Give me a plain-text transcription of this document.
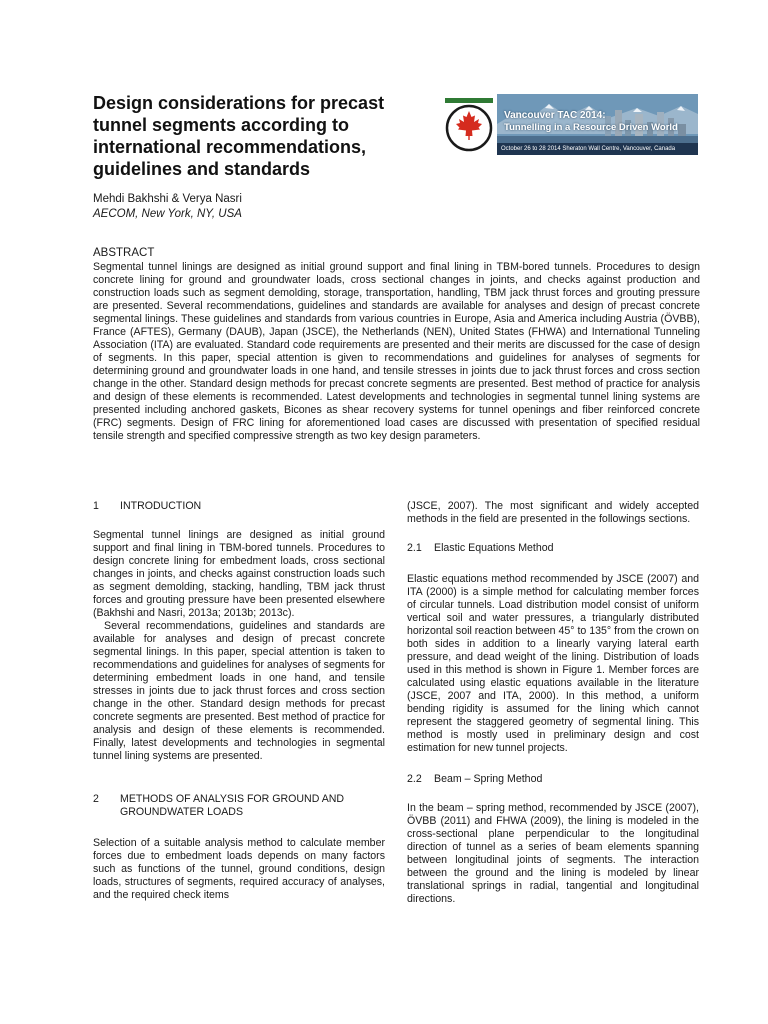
Design considerations for precast tunnel segments according to international recommendations, guidelines and standards
Vancouver TAC 2014:
Tunnelling in a Resource Driven World
October 26 to 28 2014 Sheraton Wall Centre, Vancouver, Canada
Mehdi Bakhshi & Verya Nasri
AECOM, New York, NY, USA
ABSTRACT

Segmental tunnel linings are designed as initial ground support and final lining in TBM-bored tunnels. Procedures to design concrete lining for ground and groundwater loads, cross sectional changes in joints, and checks against production and construction loads such as segment demolding, storage, transportation, handling, TBM jack thrust forces and grouting pressure are presented. Several recommendations, guidelines and standards are available for analyses and design of precast concrete segmental linings. These guidelines and standards from various countries in Europe, Asia and America including Austria (ÖVBB), France (AFTES), Germany (DAUB), Japan (JSCE), the Netherlands (NEN), United States (FHWA) and International Tunneling Association (ITA) are evaluated. Standard code requirements are presented and their merits are discussed for the case of design of segments. In this paper, special attention is given to recommendations and guidelines for analyses of segments for determining ground and groundwater loads in one hand, and tensile stresses in joints due to jack thrust forces and cross section change in the other. Standard design methods for precast concrete segments are presented. Best method of practice for analysis and design of these elements is recommended. Latest developments and technologies in segmental tunnel lining systems are presented including anchored gaskets, Bicones as shear recovery systems for tunnel openings and fiber reinforced concrete (FRC) segments. Design of FRC lining for aforementioned load cases are discussed with presentation of specified residual tensile strength and specified compressive strength as two key design parameters.

1	INTRODUCTION

Segmental tunnel linings are designed as initial ground support and final lining in TBM-bored tunnels. Procedures to design concrete lining for embedment loads, cross sectional changes in joints, and checks against construction loads such as segment demolding, stacking, handling, TBM jack thrust forces and grouting pressure have been presented elsewhere (Bakhshi and Nasri, 2013a; 2013b; 2013c).

Several recommendations, guidelines and standards are available for analyses and design of precast concrete segmental linings. In this paper, special attention is taken to recommendations and guidelines for analyses of segments for determining embedment loads in one hand, and tensile stresses in joints due to jack thrust forces and cross section change in the other. Standard design methods for precast concrete segments are presented. Best method of practice for analysis and design of these elements is recommended. Finally, latest developments and technologies in segmental tunnel lining systems are presented.

2	METHODS OF ANALYSIS FOR GROUND AND GROUNDWATER LOADS

Selection of a suitable analysis method to calculate member forces due to embedment loads depends on many factors such as functions of the tunnel, ground conditions, design loads, structures of segments, required accuracy of analyses, and the required check items

(JSCE, 2007). The most significant and widely accepted methods in the field are presented in the followings sections.

2.1	Elastic Equations Method

Elastic equations method recommended by JSCE (2007) and ITA (2000) is a simple method for calculating member forces of circular tunnels. Load distribution model consist of uniform vertical soil and water pressures, a triangularly distributed horizontal soil reaction between 45° to 135° from the crown on both sides in addition to a linearly varying lateral earth pressure, and dead weight of the lining. Distribution of loads used in this method is shown in Figure 1. Member forces are calculated using elastic equations available in the literature (JSCE, 2007 and ITA, 2000). In this method, a uniform bending rigidity is assumed for the lining which cannot represent the staggered geometry of segmental lining. This method is mostly used in preliminary design and cost estimation for new tunnel projects.

2.2	Beam – Spring Method

In the beam – spring method, recommended by JSCE (2007), ÖVBB (2011) and FHWA (2009), the lining is modeled in the cross-sectional plane perpendicular to the longitudinal direction of tunnel as a series of beam elements spanning between longitudinal joints of segments. The interaction between the ground and the lining is modeled by linear translational springs in radial, tangential and longitudinal directions.
